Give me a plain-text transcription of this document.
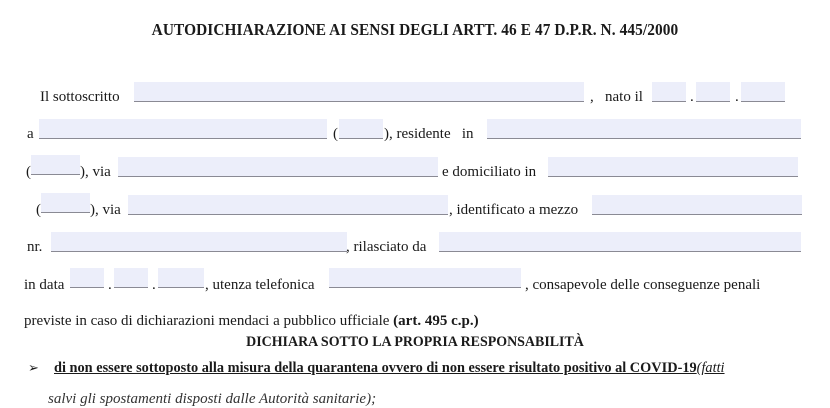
AUTODICHIARAZIONE AI SENSI DEGLI ARTT. 46 E 47 D.P.R. N. 445/2000
Il sottoscritto	, nato il	.	.
a	(	), residente   in
(	), via	e domiciliato in
(	), via	, identificato a mezzo
nr.	, rilasciato da
in data	.	.	, utenza telefonica	, consapevole delle conseguenze penali
previste in caso di dichiarazioni mendaci a pubblico ufficiale (art. 495 c.p.)
DICHIARA SOTTO LA PROPRIA RESPONSABILITÀ
➢ di non essere sottoposto alla misura della quarantena ovvero di non essere risultato positivo al COVID-19(fatti
salvi gli spostamenti disposti dalle Autorità sanitarie);
